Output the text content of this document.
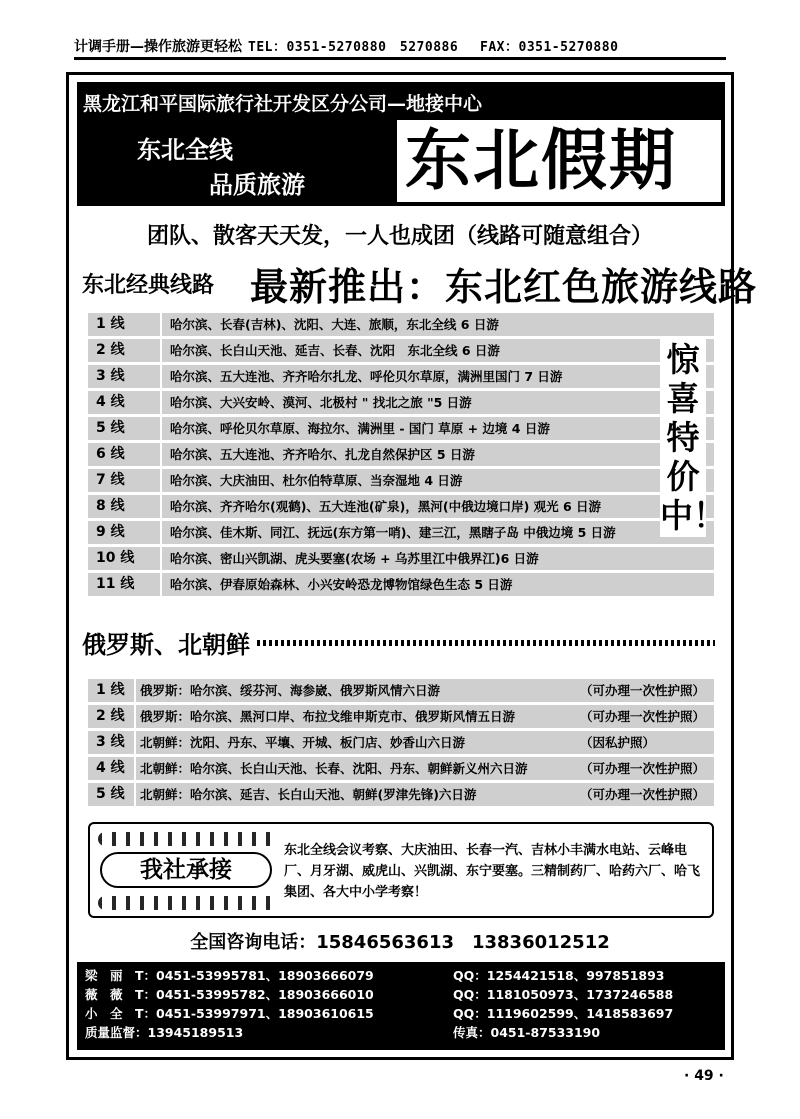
计调手册—操作旅游更轻松 TEL：0351-5270880　5270886　 FAX：0351-5270880
黑龙江和平国际旅行社开发区分公司—地接中心
东北全线
品质旅游 东北假期
团队、散客天天发，一人也成团（线路可随意组合）
东北经典线路 最新推出：东北红色旅游线路
1 线	哈尔滨、长春(吉林)、沈阳、大连、旅顺，东北全线 6 日游
2 线	哈尔滨、长白山天池、延吉、长春、沈阳　东北全线 6 日游
3 线	哈尔滨、五大连池、齐齐哈尔扎龙、呼伦贝尔草原，满洲里国门 7 日游
4 线	哈尔滨、大兴安岭、漠河、北极村 " 找北之旅 "5 日游
5 线	哈尔滨、呼伦贝尔草原、海拉尔、满洲里 - 国门 草原 + 边境 4 日游
6 线	哈尔滨、五大连池、齐齐哈尔、扎龙自然保护区 5 日游
7 线	哈尔滨、大庆油田、杜尔伯特草原、当奈湿地 4 日游
8 线	哈尔滨、齐齐哈尔(观鹤)、五大连池(矿泉)，黑河(中俄边境口岸) 观光 6 日游
9 线	哈尔滨、佳木斯、同江、抚远(东方第一哨)、建三江，黑瞎子岛 中俄边境 5 日游
10 线	哈尔滨、密山兴凯湖、虎头要塞(农场 + 乌苏里江中俄界江)6 日游
11 线	哈尔滨、伊春原始森林、小兴安岭恐龙博物馆绿色生态 5 日游
惊喜特价中！
俄罗斯、北朝鲜
1 线	俄罗斯：哈尔滨、绥芬河、海参崴、俄罗斯风情六日游	（可办理一次性护照）
2 线	俄罗斯：哈尔滨、黑河口岸、布拉戈维申斯克市、俄罗斯风情五日游	（可办理一次性护照）
3 线	北朝鲜：沈阳、丹东、平壤、开城、板门店、妙香山六日游	（因私护照）
4 线	北朝鲜：哈尔滨、长白山天池、长春、沈阳、丹东、朝鲜新义州六日游	（可办理一次性护照）
5 线	北朝鲜：哈尔滨、延吉、长白山天池、朝鲜(罗津先锋)六日游	（可办理一次性护照）
我社承接
东北全线会议考察、大庆油田、长春一汽、吉林小丰满水电站、云峰电厂、月牙湖、威虎山、兴凯湖、东宁要塞。三精制药厂、哈药六厂、哈飞集团、各大中小学考察！
全国咨询电话：15846563613　13836012512
梁　丽　T：0451-53995781、18903666079	QQ：1254421518、997851893
薇　薇　T：0451-53995782、18903666010	QQ：1181050973、1737246588
小　全　T：0451-53997971、18903610615	QQ：1119602599、1418583697
质量监督：13945189513	传真：0451-87533190
· 49 ·
